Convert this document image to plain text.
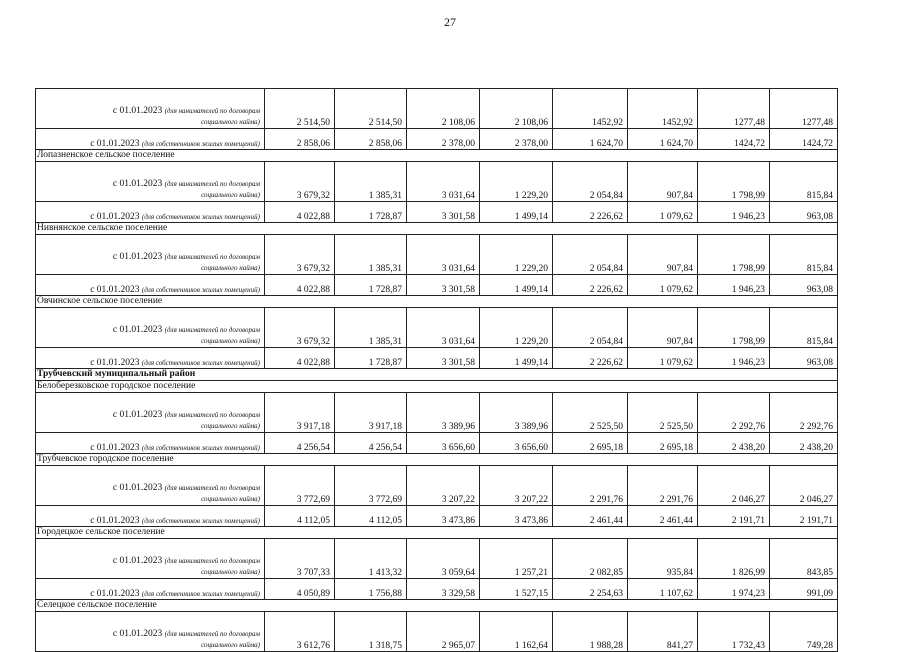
27
с 01.01.2023 (для нанимателей по договорам
социального найма)	2 514,50	2 514,50	2 108,06	2 108,06	1452,92	1452,92	1277,48	1277,48
с 01.01.2023 (для собственников жилых помещений)	2 858,06	2 858,06	2 378,00	2 378,00	1 624,70	1 624,70	1424,72	1424,72
Лопазненское сельское поселение								

с 01.01.2023 (для нанимателей по договорам
социального найма)	3 679,32	1 385,31	3 031,64	1 229,20	2 054,84	907,84	1 798,99	815,84
с 01.01.2023 (для собственников жилых помещений)	4 022,88	1 728,87	3 301,58	1 499,14	2 226,62	1 079,62	1 946,23	963,08
Нивнянское сельское поселение								

с 01.01.2023 (для нанимателей по договорам
социального найма)	3 679,32	1 385,31	3 031,64	1 229,20	2 054,84	907,84	1 798,99	815,84
с 01.01.2023 (для собственников жилых помещений)	4 022,88	1 728,87	3 301,58	1 499,14	2 226,62	1 079,62	1 946,23	963,08
Овчинское сельское поселение								

с 01.01.2023 (для нанимателей по договорам
социального найма)	3 679,32	1 385,31	3 031,64	1 229,20	2 054,84	907,84	1 798,99	815,84
с 01.01.2023 (для собственников жилых помещений)	4 022,88	1 728,87	3 301,58	1 499,14	2 226,62	1 079,62	1 946,23	963,08
Трубчевский муниципальный район								
Белоберезковское городское поселение								

с 01.01.2023 (для нанимателей по договорам
социального найма)	3 917,18	3 917,18	3 389,96	3 389,96	2 525,50	2 525,50	2 292,76	2 292,76
с 01.01.2023 (для собственников жилых помещений)	4 256,54	4 256,54	3 656,60	3 656,60	2 695,18	2 695,18	2 438,20	2 438,20
Трубчевское городское поселение								

с 01.01.2023 (для нанимателей по договорам
социального найма)	3 772,69	3 772,69	3 207,22	3 207,22	2 291,76	2 291,76	2 046,27	2 046,27
с 01.01.2023 (для собственников жилых помещений)	4 112,05	4 112,05	3 473,86	3 473,86	2 461,44	2 461,44	2 191,71	2 191,71
Городецкое сельское поселение								

с 01.01.2023 (для нанимателей по договорам
социального найма)	3 707,33	1 413,32	3 059,64	1 257,21	2 082,85	935,84	1 826,99	843,85
с 01.01.2023 (для собственников жилых помещений)	4 050,89	1 756,88	3 329,58	1 527,15	2 254,63	1 107,62	1 974,23	991,09
Селецкое сельское поселение								

с 01.01.2023 (для нанимателей по договорам
социального найма)	3 612,76	1 318,75	2 965,07	1 162,64	1 988,28	841,27	1 732,43	749,28
